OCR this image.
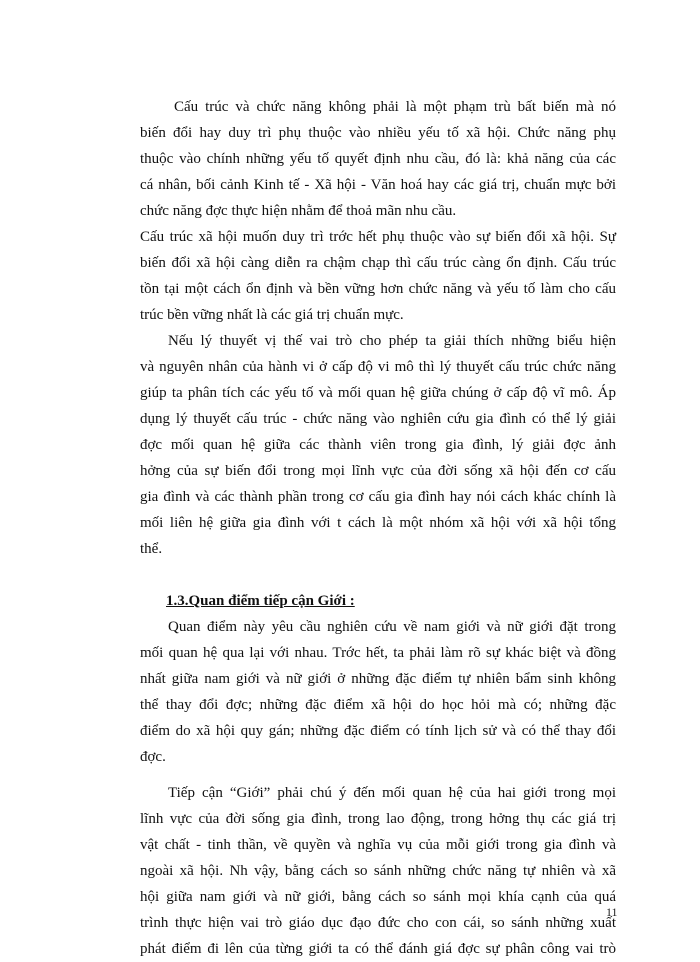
Cấu trúc và chức năng không phải là một phạm trù bất biến mà nó
biến đổi hay duy trì phụ thuộc vào nhiều yếu tố xã hội. Chức năng phụ
thuộc vào chính những yếu tố quyết định nhu cầu, đó là: khả năng của các
cá nhân, bối cảnh Kinh tế - Xã hội - Văn hoá hay các giá trị, chuẩn mực bởi
chức năng đợc thực hiện nhằm để thoả mãn nhu cầu.
Cấu trúc xã hội muốn duy trì trớc hết phụ thuộc vào sự biến đổi xã hội. Sự
biến đổi xã hội càng diễn ra chậm chạp thì cấu trúc càng ổn định. Cấu trúc
tồn tại một cách ổn định và bền vững hơn chức năng và yếu tố làm cho cấu
trúc bền vững nhất là các giá trị chuẩn mực.
Nếu lý thuyết vị thế vai trò cho phép ta giải thích những biểu hiện
và nguyên nhân của hành vi ở cấp độ vi mô thì lý thuyết cấu trúc chức năng
giúp ta phân tích các yếu tố và mối quan hệ giữa chúng ở cấp độ vĩ mô. Áp
dụng lý thuyết cấu trúc - chức năng vào nghiên cứu gia đình có thể lý giải
đợc mối quan hệ giữa các thành viên trong gia đình, lý giải đợc ảnh
hởng của sự biến đổi trong mọi lĩnh vực của đời sống xã hội đến cơ cấu
gia đình và các thành phần trong cơ cấu gia đình hay nói cách khác chính là
mối liên hệ giữa gia đình với t cách là một nhóm xã hội với xã hội tổng
thể.
1.3.Quan điểm tiếp cận Giới :
Quan điểm này yêu cầu nghiên cứu về nam giới và nữ giới đặt trong
mối quan hệ qua lại với nhau. Trớc hết, ta phải làm rõ sự khác biệt và đồng
nhất giữa nam giới và nữ giới ở những đặc điểm tự nhiên bẩm sinh không
thể thay đổi đợc; những đặc điểm xã hội do học hỏi mà có; những đặc
điểm do xã hội quy gán; những đặc điểm có tính lịch sử và có thể thay đổi
đợc.
Tiếp cận “Giới” phải chú ý đến mối quan hệ của hai giới trong mọi
lĩnh vực của đời sống gia đình, trong lao động, trong hởng thụ các giá trị
vật chất - tinh thần, về quyền và nghĩa vụ của mỗi giới trong gia đình và
ngoài xã hội. Nh vậy, bằng cách so sánh những chức năng tự nhiên và xã
hội giữa nam giới và nữ giới, bằng cách so sánh mọi khía cạnh của quá
trình thực hiện vai trò giáo dục đạo đức cho con cái, so sánh những xuất
phát điểm đi lên của từng giới ta có thể đánh giá đợc sự phân công vai trò
11
